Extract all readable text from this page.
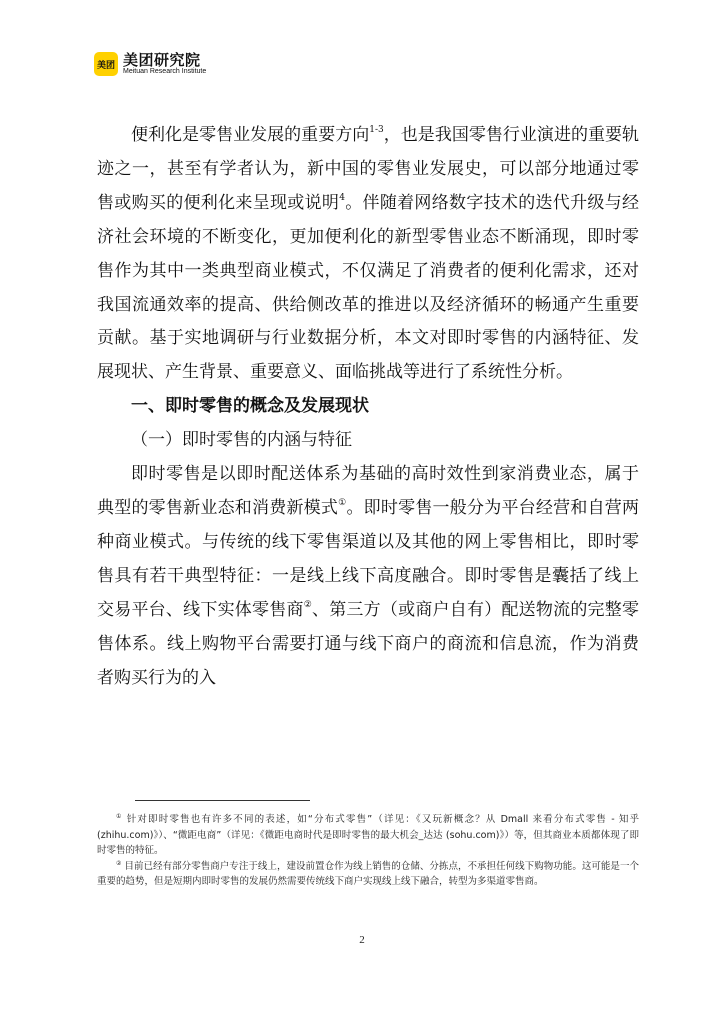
美团 美团研究院
Meituan Research Institute

便利化是零售业发展的重要方向$^{1-3}$，也是我国零售行业演进的重要轨迹之一，甚至有学者认为，新中国的零售业发展史，可以部分地通过零售或购买的便利化来呈现或说明$^4$。伴随着网络数字技术的迭代升级与经济社会环境的不断变化，更加便利化的新型零售业态不断涌现，即时零售作为其中一类典型商业模式，不仅满足了消费者的便利化需求，还对我国流通效率的提高、供给侧改革的推进以及经济循环的畅通产生重要贡献。基于实地调研与行业数据分析，本文对即时零售的内涵特征、发展现状、产生背景、重要意义、面临挑战等进行了系统性分析。

一、即时零售的概念及发展现状

（一）即时零售的内涵与特征

即时零售是以即时配送体系为基础的高时效性到家消费业态，属于典型的零售新业态和消费新模式①。即时零售一般分为平台经营和自营两种商业模式。与传统的线下零售渠道以及其他的网上零售相比，即时零售具有若干典型特征：一是线上线下高度融合。即时零售是囊括了线上交易平台、线下实体零售商②、第三方（或商户自有）配送物流的完整零售体系。线上购物平台需要打通与线下商户的商流和信息流，作为消费者购买行为的入

① 针对即时零售也有许多不同的表述，如“分布式零售”（详见：《又玩新概念？从 Dmall 来看分布式零售 - 知乎 (zhihu.com)》）、“微距电商”（详见：《微距电商时代是即时零售的最大机会_达达 (sohu.com)》）等，但其商业本质都体现了即时零售的特征。

② 目前已经有部分零售商户专注于线上，建设前置仓作为线上销售的仓储、分拣点，不承担任何线下购物功能。这可能是一个重要的趋势，但是短期内即时零售的发展仍然需要传统线下商户实现线上线下融合，转型为多渠道零售商。

2
